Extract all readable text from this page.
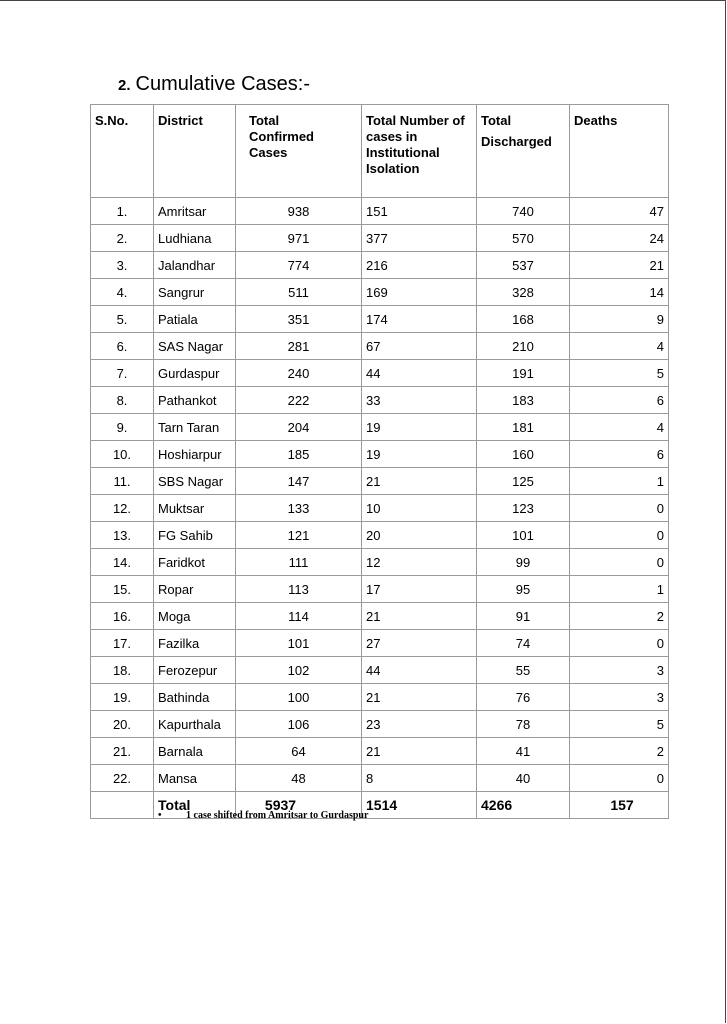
2. Cumulative Cases:-
S.No.	District	Total Confirmed Cases	Total Number of cases in Institutional Isolation	Total Discharged	Deaths
1.	Amritsar	938	151	740	47
2.	Ludhiana	971	377	570	24
3.	Jalandhar	774	216	537	21
4.	Sangrur	511	169	328	14
5.	Patiala	351	174	168	9
6.	SAS Nagar	281	67	210	4
7.	Gurdaspur	240	44	191	5
8.	Pathankot	222	33	183	6
9.	Tarn Taran	204	19	181	4
10.	Hoshiarpur	185	19	160	6
11.	SBS Nagar	147	21	125	1
12.	Muktsar	133	10	123	0
13.	FG Sahib	121	20	101	0
14.	Faridkot	111	12	99	0
15.	Ropar	113	17	95	1
16.	Moga	114	21	91	2
17.	Fazilka	101	27	74	0
18.	Ferozepur	102	44	55	3
19.	Bathinda	100	21	76	3
20.	Kapurthala	106	23	78	5
21.	Barnala	64	21	41	2
22.	Mansa	48	8	40	0
	Total	5937	1514	4266	157
• 1 case shifted from Amritsar to Gurdaspur
